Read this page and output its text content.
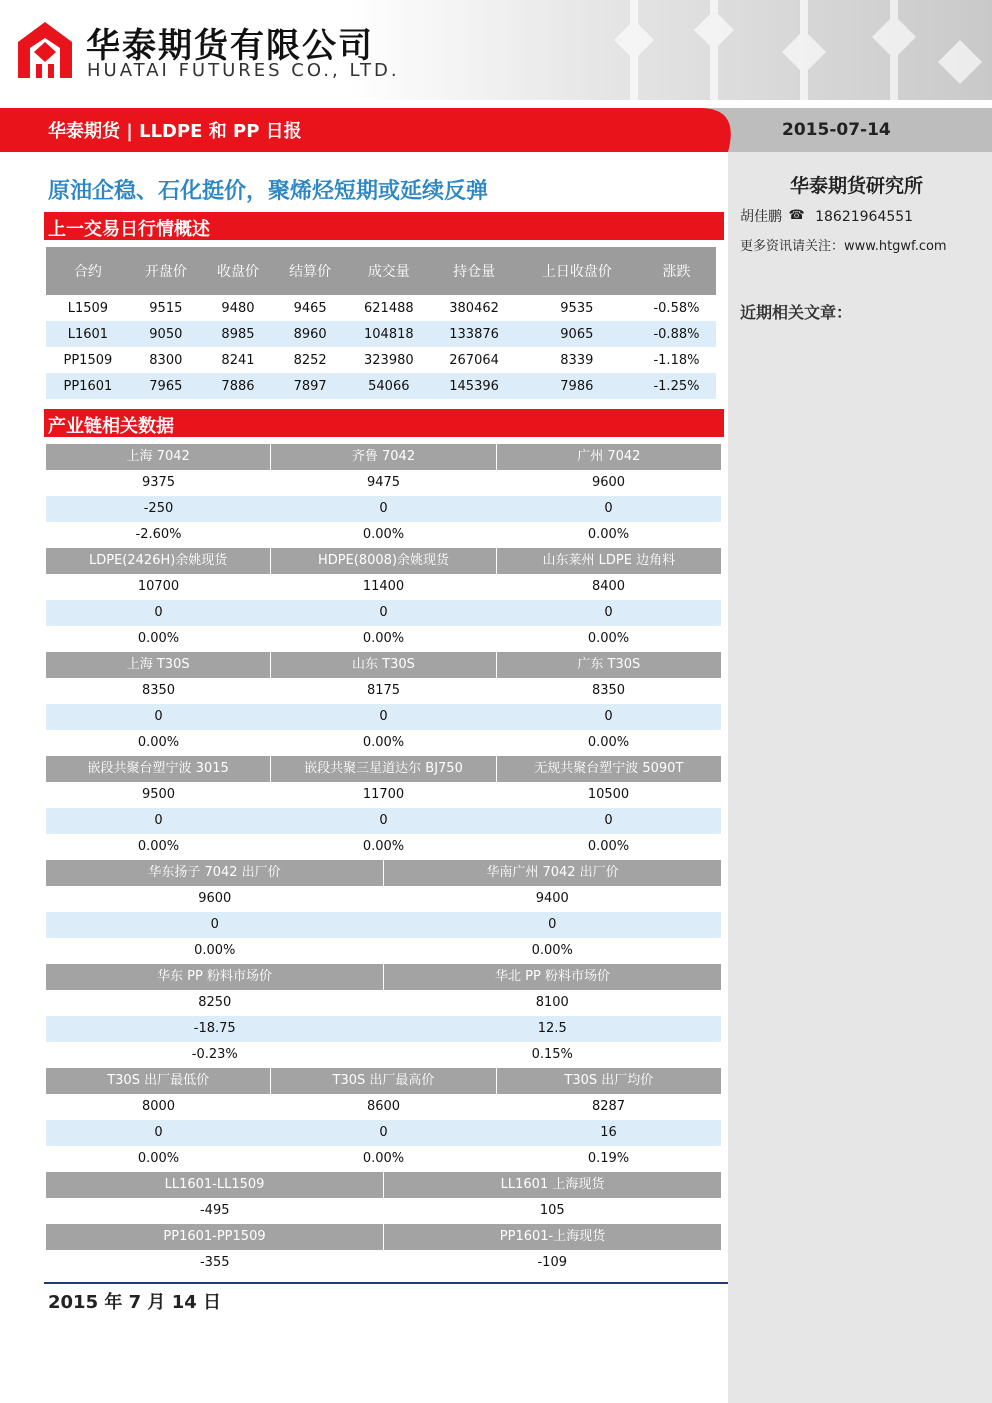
华泰期货有限公司
HUATAI FUTURES CO., LTD.
华泰期货 | LLDPE 和 PP 日报	2015-07-14
华泰期货研究所
胡佳鹏 ☎ 18621964551
更多资讯请关注：www.htgwf.com
近期相关文章：
原油企稳、石化挺价，聚烯烃短期或延续反弹
上一交易日行情概述
合约	开盘价	收盘价	结算价	成交量	持仓量	上日收盘价	涨跌
L1509	9515	9480	9465	621488	380462	9535	-0.58%
L1601	9050	8985	8960	104818	133876	9065	-0.88%
PP1509	8300	8241	8252	323980	267064	8339	-1.18%
PP1601	7965	7886	7897	54066	145396	7986	-1.25%
产业链相关数据
上海 7042	齐鲁 7042	广州 7042
9375	9475	9600
-250	0	0
-2.60%	0.00%	0.00%
LDPE(2426H)余姚现货	HDPE(8008)余姚现货	山东莱州 LDPE 边角料
10700	11400	8400
0	0	0
0.00%	0.00%	0.00%
上海 T30S	山东 T30S	广东 T30S
8350	8175	8350
0	0	0
0.00%	0.00%	0.00%
嵌段共聚台塑宁波 3015	嵌段共聚三星道达尔 BJ750	无规共聚台塑宁波 5090T
9500	11700	10500
0	0	0
0.00%	0.00%	0.00%
华东扬子 7042 出厂价	华南广州 7042 出厂价
9600	9400
0	0
0.00%	0.00%
华东 PP 粉料市场价	华北 PP 粉料市场价
8250	8100
-18.75	12.5
-0.23%	0.15%
T30S 出厂最低价	T30S 出厂最高价	T30S 出厂均价
8000	8600	8287
0	0	16
0.00%	0.00%	0.19%
LL1601-LL1509	LL1601 上海现货
-495	105
PP1601-PP1509	PP1601-上海现货
-355	-109
2015 年 7 月 14 日
